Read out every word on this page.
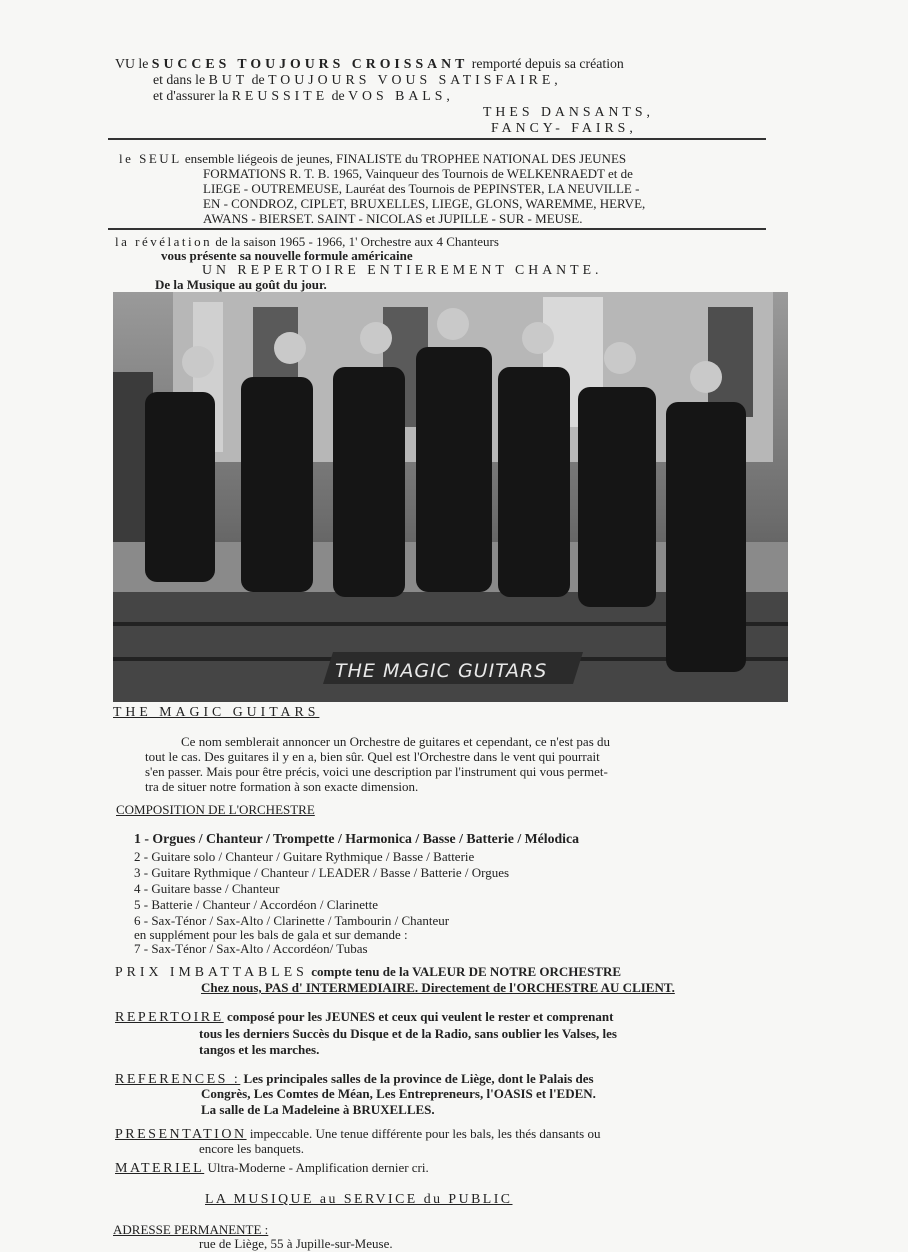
VU le SUCCES TOUJOURS CROISSANT remporté depuis sa création
et dans le BUT de TOUJOURS VOUS SATISFAIRE,
et d'assurer la REUSSITE de VOS BALS,
THES DANSANTS,
FANCY- FAIRS,
le SEUL ensemble liégeois de jeunes, FINALISTE du TROPHEE NATIONAL DES JEUNES
FORMATIONS R. T. B. 1965, Vainqueur des Tournois de WELKENRAEDT et de
LIEGE - OUTREMEUSE, Lauréat des Tournois de PEPINSTER, LA NEUVILLE -
EN - CONDROZ, CIPLET, BRUXELLES, LIEGE, GLONS, WAREMME, HERVE,
AWANS - BIERSET. SAINT - NICOLAS et JUPILLE - SUR - MEUSE.
la révélation de la saison 1965 - 1966, 1' Orchestre aux 4 Chanteurs
vous présente sa nouvelle formule américaine
UN REPERTOIRE ENTIEREMENT CHANTE.
De la Musique au goût du jour.
THE MAGIC GUITARS
THE MAGIC GUITARS
Ce nom semblerait annoncer un Orchestre de guitares et cependant, ce n'est pas du
tout le cas. Des guitares il y en a, bien sûr. Quel est l'Orchestre dans le vent qui pourrait
s'en passer. Mais pour être précis, voici une description par l'instrument qui vous permet-
tra de situer notre formation à son exacte dimension.
COMPOSITION DE L'ORCHESTRE
1 - Orgues / Chanteur / Trompette / Harmonica / Basse / Batterie / Mélodica
2 - Guitare solo / Chanteur / Guitare Rythmique / Basse / Batterie
3 - Guitare Rythmique / Chanteur / LEADER / Basse / Batterie / Orgues
4 - Guitare basse / Chanteur
5 - Batterie / Chanteur / Accordéon / Clarinette
6 - Sax-Ténor / Sax-Alto / Clarinette / Tambourin / Chanteur
en supplément pour les bals de gala et sur demande :
7 - Sax-Ténor / Sax-Alto / Accordéon/ Tubas
PRIX IMBATTABLES compte tenu de la VALEUR DE NOTRE ORCHESTRE
Chez nous, PAS d' INTERMEDIAIRE. Directement de l'ORCHESTRE AU CLIENT.
REPERTOIRE composé pour les JEUNES et ceux qui veulent le rester et comprenant
tous les derniers Succès du Disque et de la Radio, sans oublier les Valses, les
tangos et les marches.
REFERENCES : Les principales salles de la province de Liège, dont le Palais des
Congrès, Les Comtes de Méan, Les Entrepreneurs, l'OASIS et l'EDEN.
La salle de La Madeleine à BRUXELLES.
PRESENTATION impeccable. Une tenue différente pour les bals, les thés dansants ou
encore les banquets.
MATERIEL Ultra-Moderne - Amplification dernier cri.
LA MUSIQUE au SERVICE du PUBLIC
ADRESSE PERMANENTE :
rue de Liège, 55 à Jupille-sur-Meuse.
